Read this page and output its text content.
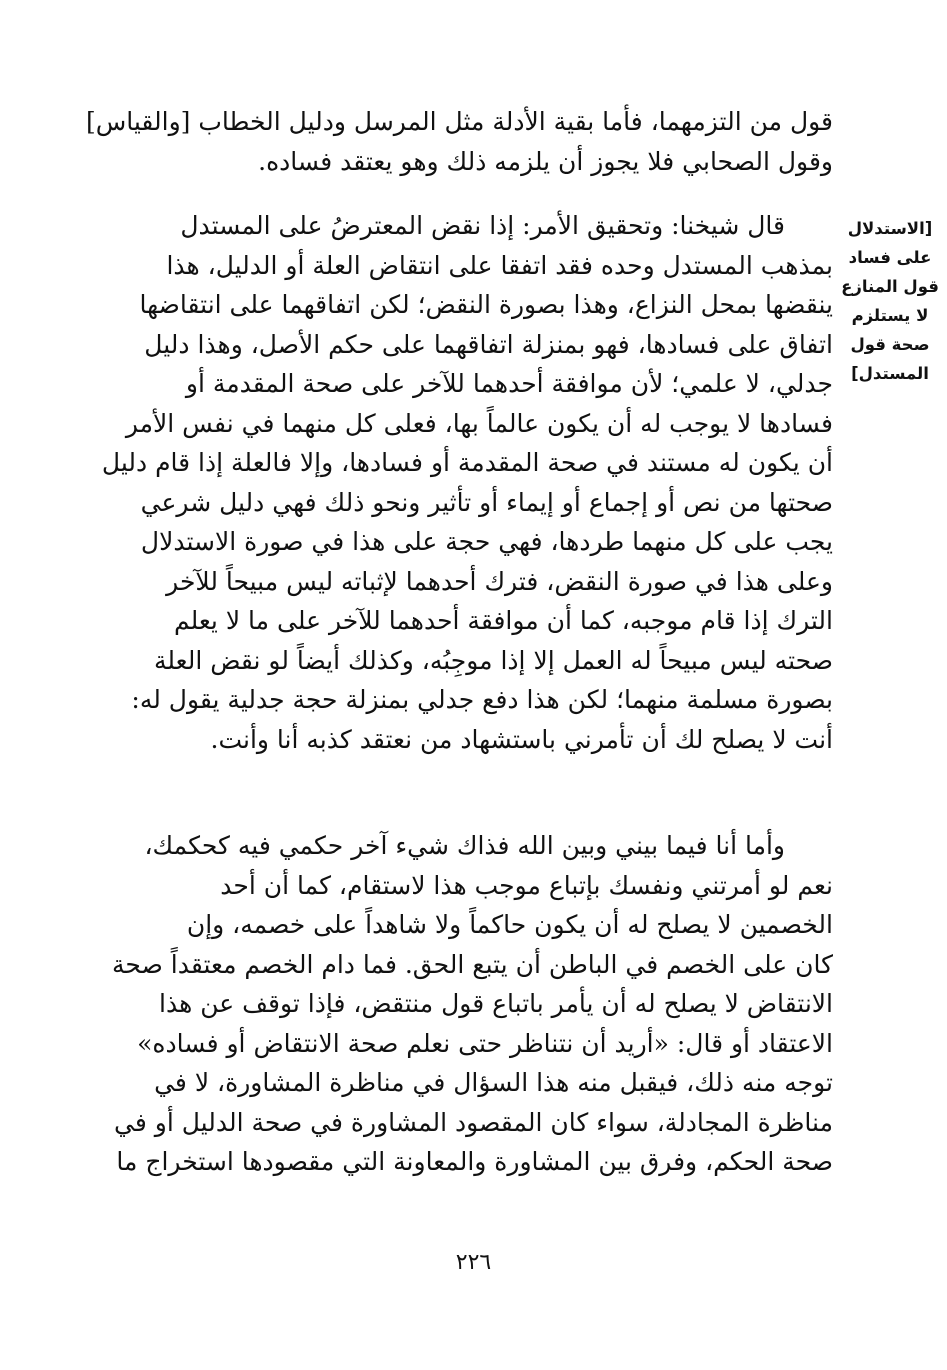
قول من التزمهما، فأما بقية الأدلة مثل المرسل ودليل الخطاب [والقياس]
وقول الصحابي فلا يجوز أن يلزمه ذلك وهو يعتقد فساده.
قال شيخنا: وتحقيق الأمر: إذا نقض المعترضُ على المستدل
بمذهب المستدل وحده فقد اتفقا على انتقاض العلة أو الدليل، هذا
ينقضها بمحل النزاع، وهذا بصورة النقض؛ لكن اتفاقهما على انتقاضها
اتفاق على فسادها، فهو بمنزلة اتفاقهما على حكم الأصل، وهذا دليل
جدلي، لا علمي؛ لأن موافقة أحدهما للآخر على صحة المقدمة أو
فسادها لا يوجب له أن يكون عالماً بها، فعلى كل منهما في نفس الأمر
أن يكون له مستند في صحة المقدمة أو فسادها، وإلا فالعلة إذا قام دليل
صحتها من نص أو إجماع أو إيماء أو تأثير ونحو ذلك فهي دليل شرعي
يجب على كل منهما طردها، فهي حجة على هذا في صورة الاستدلال
وعلى هذا في صورة النقض، فترك أحدهما لإثباته ليس مبيحاً للآخر
الترك إذا قام موجبه، كما أن موافقة أحدهما للآخر على ما لا يعلم
صحته ليس مبيحاً له العمل إلا إذا موجِبُه، وكذلك أيضاً لو نقض العلة
بصورة مسلمة منهما؛ لكن هذا دفع جدلي بمنزلة حجة جدلية يقول له:
أنت لا يصلح لك أن تأمرني باستشهاد من نعتقد كذبه أنا وأنت.
وأما أنا فيما بيني وبين الله فذاك شيء آخر حكمي فيه كحكمك،
نعم لو أمرتني ونفسك بإتباع موجب هذا لاستقام، كما أن أحد
الخصمين لا يصلح له أن يكون حاكماً ولا شاهداً على خصمه، وإن
كان على الخصم في الباطن أن يتبع الحق. فما دام الخصم معتقداً صحة
الانتقاض لا يصلح له أن يأمر باتباع قول منتقض، فإذا توقف عن هذا
الاعتقاد أو قال: «أريد أن نتناظر حتى نعلم صحة الانتقاض أو فساده»
توجه منه ذلك، فيقبل منه هذا السؤال في مناظرة المشاورة، لا في
مناظرة المجادلة، سواء كان المقصود المشاورة في صحة الدليل أو في
صحة الحكم، وفرق بين المشاورة والمعاونة التي مقصودها استخراج ما
[الاستدلال
على فساد
قول المنازع
لا يستلزم
صحة قول
المستدل]
٢٢٦
